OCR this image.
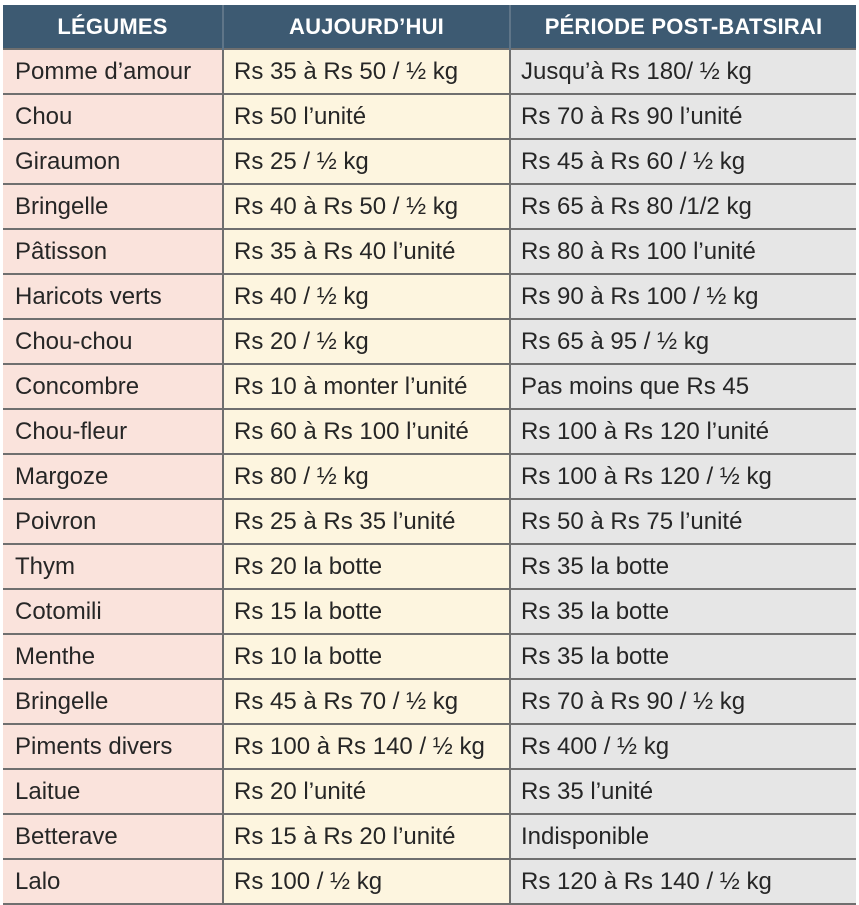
LÉGUMES	AUJOURD’HUI	PÉRIODE POST-BATSIRAI
Pomme d’amour	Rs 35 à Rs 50 / ½ kg	Jusqu’à Rs 180/ ½ kg
Chou	Rs 50 l’unité	Rs 70 à Rs 90 l’unité
Giraumon	Rs 25 / ½ kg	Rs 45 à Rs 60 / ½ kg
Bringelle	Rs 40 à Rs 50 / ½ kg	Rs 65 à Rs 80 /1/2 kg
Pâtisson	Rs 35 à Rs 40 l’unité	Rs 80 à Rs 100 l’unité
Haricots verts	Rs 40 / ½ kg	Rs 90 à Rs 100 / ½ kg
Chou-chou	Rs 20 / ½ kg	Rs 65 à 95 / ½ kg
Concombre	Rs 10 à monter l’unité	Pas moins que Rs 45
Chou-fleur	Rs 60 à Rs 100 l’unité	Rs 100 à Rs 120 l’unité
Margoze	Rs 80 / ½ kg	Rs 100 à Rs 120 / ½ kg
Poivron	Rs 25 à Rs 35 l’unité	Rs 50 à Rs 75 l’unité
Thym	Rs 20 la botte	Rs 35 la botte
Cotomili	Rs 15 la botte	Rs 35 la botte
Menthe	Rs 10 la botte	Rs 35 la botte
Bringelle	Rs 45 à Rs 70 / ½ kg	Rs 70 à Rs 90 / ½ kg
Piments divers	Rs 100 à Rs 140 / ½ kg	Rs 400 / ½ kg
Laitue	Rs 20 l’unité	Rs 35 l’unité
Betterave	Rs 15 à Rs 20 l’unité	Indisponible
Lalo	Rs 100 / ½ kg	Rs 120 à Rs 140 / ½ kg
